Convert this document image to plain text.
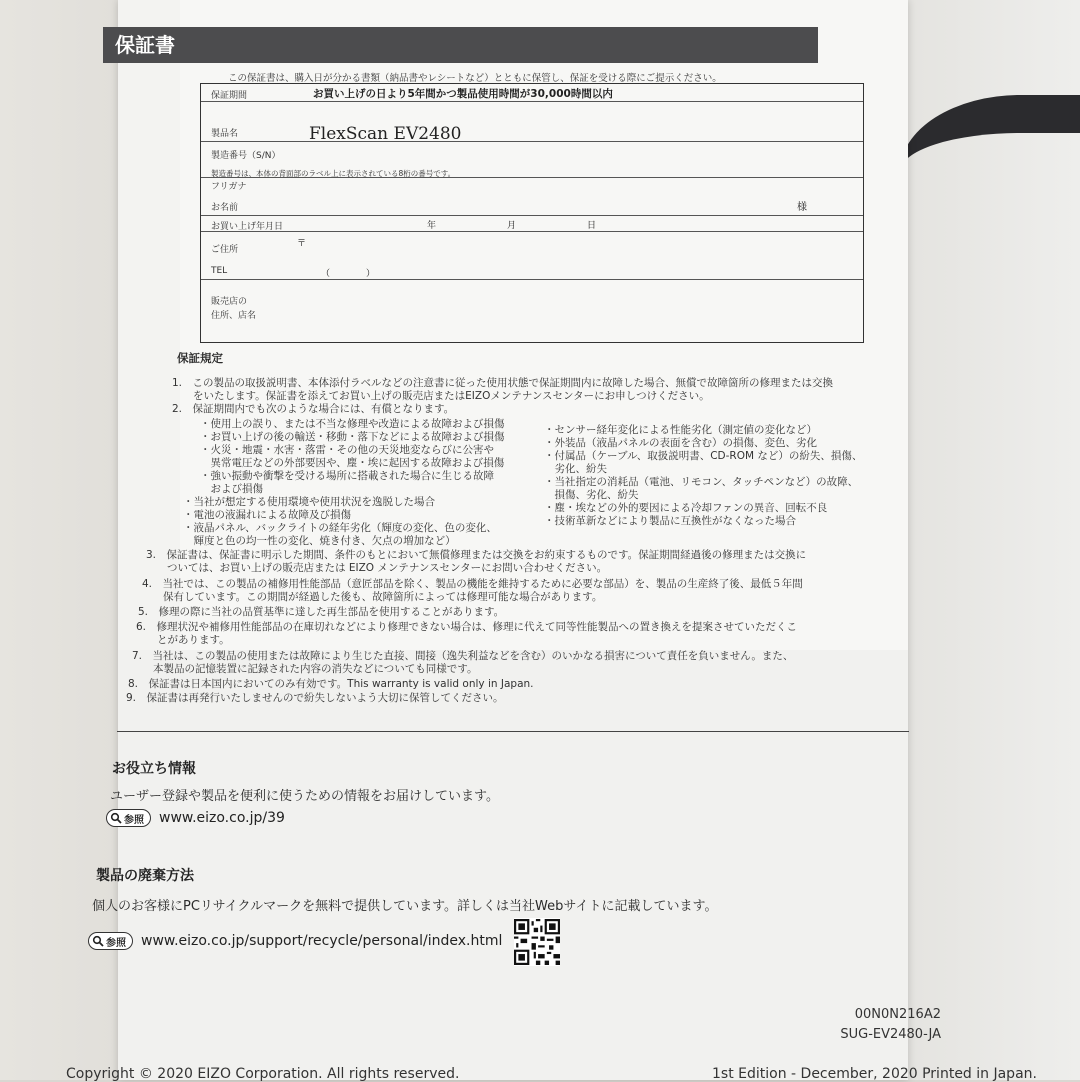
保証書
この保証書は、購入日が分かる書類（納品書やレシートなど）とともに保管し、保証を受ける際にご提示ください。
保証期間	お買い上げの日より5年間かつ製品使用時間が30,000時間以内
製品名	FlexScan EV2480
製造番号（S/N）
製造番号は、本体の背面部のラベル上に表示されている8桁の番号です。
フリガナ
お名前	様
お買い上げ年月日	年	月	日
ご住所
〒
TEL	（　　　　）
販売店の
住所、店名
保証規定
1.　この製品の取扱説明書、本体添付ラベルなどの注意書に従った使用状態で保証期間内に故障した場合、無償で故障箇所の修理または交換
　　をいたします。保証書を添えてお買い上げの販売店またはEIZOメンテナンスセンターにお申しつけください。
2.　保証期間内でも次のような場合には、有償となります。
・使用上の誤り、または不当な修理や改造による故障および損傷
・お買い上げの後の輸送・移動・落下などによる故障および損傷
・火災・地震・水害・落雷・その他の天災地変ならびに公害や
　異常電圧などの外部要因や、塵・埃に起因する故障および損傷
・強い振動や衝撃を受ける場所に搭載された場合に生じる故障
　および損傷
・当社が想定する使用環境や使用状況を逸脱した場合
・電池の液漏れによる故障及び損傷
・液晶パネル、バックライトの経年劣化（輝度の変化、色の変化、
　輝度と色の均一性の変化、焼き付き、欠点の増加など）
・センサー経年変化による性能劣化（測定値の変化など）
・外装品（液晶パネルの表面を含む）の損傷、変色、劣化
・付属品（ケーブル、取扱説明書、CD-ROM など）の紛失、損傷、
　劣化、紛失
・当社指定の消耗品（電池、リモコン、タッチペンなど）の故障、
　損傷、劣化、紛失
・塵・埃などの外的要因による冷却ファンの異音、回転不良
・技術革新などにより製品に互換性がなくなった場合
3.　保証書は、保証書に明示した期間、条件のもとにおいて無償修理または交換をお約束するものです。保証期間経過後の修理または交換に
　　ついては、お買い上げの販売店または EIZO メンテナンスセンターにお問い合わせください。
4.　当社では、この製品の補修用性能部品（意匠部品を除く、製品の機能を維持するために必要な部品）を、製品の生産終了後、最低５年間
　　保有しています。この期間が経過した後も、故障箇所によっては修理可能な場合があります。
5.　修理の際に当社の品質基準に達した再生部品を使用することがあります。
6.　修理状況や補修用性能部品の在庫切れなどにより修理できない場合は、修理に代えて同等性能製品への置き換えを提案させていただくこ
　　とがあります。
7.　当社は、この製品の使用または故障により生じた直接、間接（逸失利益などを含む）のいかなる損害について責任を負いません。また、
　　本製品の記憶装置に記録された内容の消失などについても同様です。
8.　保証書は日本国内においてのみ有効です。This warranty is valid only in Japan.
9.　保証書は再発行いたしませんので紛失しないよう大切に保管してください。
お役立ち情報
ユーザー登録や製品を便利に使うための情報をお届けしています。
参照 www.eizo.co.jp/39
製品の廃棄方法
個人のお客様にPCリサイクルマークを無料で提供しています。詳しくは当社Webサイトに記載しています。
参照 www.eizo.co.jp/support/recycle/personal/index.html
00N0N216A2
SUG-EV2480-JA
Copyright © 2020 EIZO Corporation. All rights reserved.	1st Edition - December, 2020 Printed in Japan.
